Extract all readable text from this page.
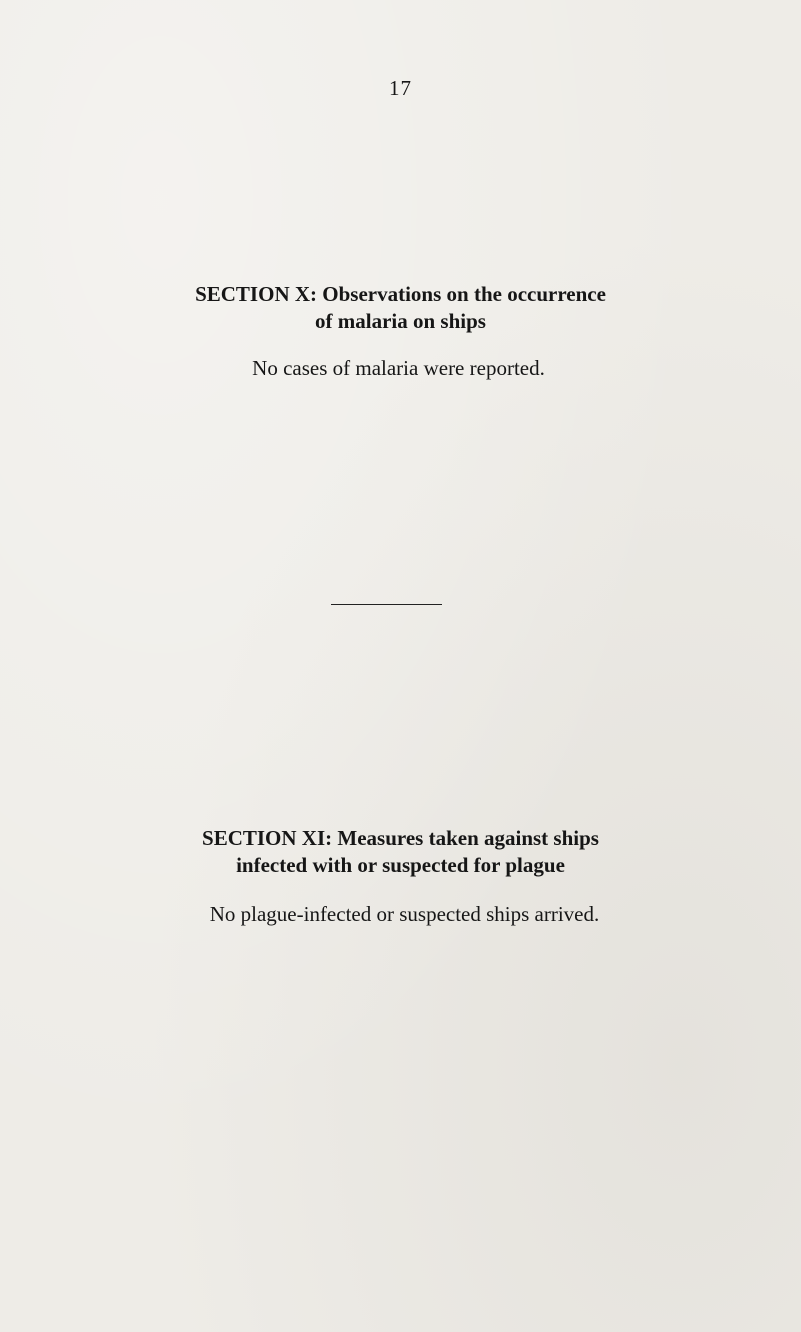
17
SECTION X: Observations on the occurrence
of malaria on ships
No cases of malaria were reported.
SECTION XI: Measures taken against ships
infected with or suspected for plague
No plague-infected or suspected ships arrived.
